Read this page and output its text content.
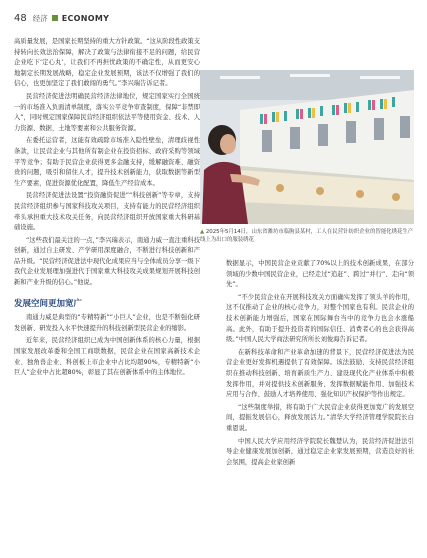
48 经济 ECONOMY

高质量发展，是国家长期坚持的重大方针政策。“这从阶段性政策支持转向长效法治保障，解决了政策与法律衔接不足的问题，给民营企业吃下‘定心丸’，让我们不再担忧政策的不确定性，从而更安心地制定长期发展战略，稳定企业发展预期，该法不仅增强了我们的信心，也更加坚定了我们敢闯的勇气。”李兴瑞告诉记者。

民营经济促进法明确民营经济法律地位，规定国家实行全国统一的市场准入负面清单制度，落实公平竞争审查制度，保障“非禁即入”，同时规定国家保障民营经济组织依法平等使用资金、技术、人力资源、数据、土地等要素和公共服务资源。

在委托运营者，这能有效疏除市场准入隐性壁垒，清理歧视性条款，让民营企业与其他所有制企业在投资招标、政府采购等领域平等竞争；有助于民营企业获得更多金融支持，缓解融资难、融资贵的问题，吸引和留住人才，提升技术创新能力，获取数据等新型生产要素，促进资源优化配置，降低生产经营成本。

民营经济促进法设置“投资融资促进”“科技创新”等专章，支持民营经济组织参与国家科技攻关项目，支持有能力的民营经济组织牵头承担重大技术攻关任务，向民营经济组织开放国家重大科研基础设施。

“这些我们最关注的一点，”李兴瑞表示，南通力威一直注重科技创新，通过自主研发、产学研用深度融合，不断进行科技创新和产品升级。“民营经济促进法中现代化成果应当与全体成员分享一级下我代企业发展理加强进代于国家重大科技攻关成果规划开展科技创新和产业升级的信心。”他说。

发展空间更加宽广

南通力威是典型的“专精特新”“小巨人”企业，也是不断强化研发创新、研发投入水平快速提升的科技创新型民营企业的缩影。

近年来，民营经济组织已成为中国创新体系的核心力量，根据国家发展改革委和全国工商联数据，民营企业在国家高新技术企业、独角兽企业、科创板上市企业中占比均超90%，专精特新“小巨人”企业中占比超80%，彰显了其在创新体系中的主体地位。

▲ 2025年5月14日，山东省潍坊市临朐县某村，工人在民营针纺织企业的智能化绣花生产线上为出口的服装绣花

数据显示，中国民营企业贡献了70%以上的技术创新成果，在部分领域的少数中国民营企业，已经走过“追赶”、跨过“并行”、走向“领先”。

“不少民营企业在开展科技攻关方面确实发挥了领头羊的作用，这不仅推动了企业的核心竞争力，对整个国家也有利。民营企业的技术创新能力增强后，国家在国际舞台当中的竞争力也会水涨船高。此外，有助于提升投资者的国际信任、消费者心的也会获得高级。”中国人民大学商法研究所所长刘俊海告诉记者。

在新科技革命和产业革命加速的背景下，民营经济促进法为民营企业更好发挥机遇提供了有效保障。该法鼓励、支持民营经济组织在推动科技创新、培育新质生产力、建设现代化产业体系中积极发挥作用，并对提供技术创新服务、发挥数据赋能作用、加强技术应用与合作、鼓励人才培养使用、强化知识产权保护等作出规定。

“这些制度举措，将有助于广大民营企业获得更加宽广的发展空间，提振发展信心，释放发展活力。”清华大学经济管理学院院长白重恩说。

中国人民大学应用经济学院院长魏楚认为，民营经济促进法引导企业健康发展加创新，通过稳定企业家发展预期，营造良好的社会氛围，提高企业家创新
